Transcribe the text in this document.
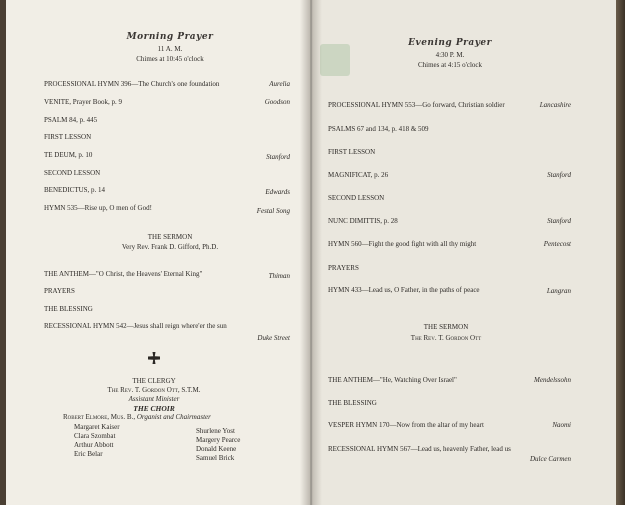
Morning Prayer
11 A. M.
Chimes at 10:45 o'clock
PROCESSIONAL HYMN 396—The Church's one foundation	Aurelia
VENITE, Prayer Book, p. 9	Goodson
PSALM 84, p. 445
FIRST LESSON
TE DEUM, p. 10	Stanford
SECOND LESSON
BENEDICTUS, p. 14	Edwards
HYMN 535—Rise up, O men of God!	Festal Song
THE SERMON
Very Rev. Frank D. Gifford, Ph.D.
THE ANTHEM—"O Christ, the Heavens' Eternal King"	Thiman
PRAYERS
THE BLESSING
RECESSIONAL HYMN 542—Jesus shall reign where'er the sun
Duke Street
THE CLERGY
The Rev. T. Gordon Ott, S.T.M.
Assistant Minister
THE CHOIR
Robert Elmore, Mus. B., Organist and Chairmaster
Margaret Kaiser
Clara Szombat
Arthur Abbott
Eric Belar
Shurlene Yost
Margery Pearce
Donald Keene
Samuel Brick
Evening Prayer
4:30 P. M.
Chimes at 4:15 o'clock
PROCESSIONAL HYMN 553—Go forward, Christian soldier	Lancashire
PSALMS 67 and 134, p. 418 & 509
FIRST LESSON
MAGNIFICAT, p. 26	Stanford
SECOND LESSON
NUNC DIMITTIS, p. 28	Stanford
HYMN 560—Fight the good fight with all thy might	Pentecost
PRAYERS
HYMN 433—Lead us, O Father, in the paths of peace	Langran
THE SERMON
The Rev. T. Gordon Ott
THE ANTHEM—"He, Watching Over Israel"	Mendelssohn
THE BLESSING
VESPER HYMN 170—Now from the altar of my heart	Naomi
RECESSIONAL HYMN 567—Lead us, heavenly Father, lead us
Dulce Carmen
